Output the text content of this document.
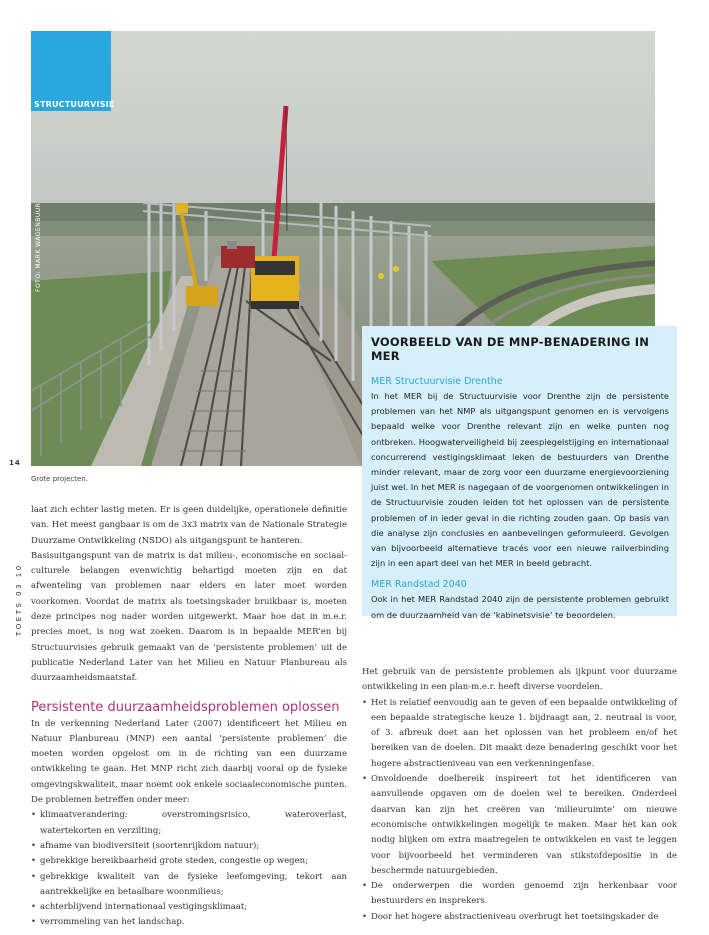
STRUCTUURVISIE
FOTO: MARK WAGENBUUR
14
Grote projecten.
TOETS 03 10
VOORBEELD VAN DE MNP-BENADERING IN MER
MER Structuurvisie Drenthe

In het MER bij de Structuurvisie voor Drenthe zijn de persistente problemen van het NMP als uitgangspunt genomen en is vervolgens bepaald welke voor Drenthe relevant zijn en welke punten nog ontbreken. Hoogwaterveiligheid bij zeespiegelstijging en internationaal concurrerend vestigingsklimaat leken de bestuurders van Drenthe minder relevant, maar de zorg voor een duurzame energievoorziening juist wel. In het MER is nagegaan of de voorgenomen ontwikkelingen in de Structuurvisie zouden leiden tot het oplossen van de persistente problemen of in ieder geval in die richting zouden gaan. Op basis van die analyse zijn conclusies en aanbevelingen geformuleerd. Gevolgen van bijvoorbeeld alternatieve tracés voor een nieuwe railverbinding zijn in een apart deel van het MER in beeld gebracht.

MER Randstad 2040

Ook in het MER Randstad 2040 zijn de persistente problemen gebruikt om de duurzaamheid van de ‘kabinetsvisie’ te beoordelen.

laat zich echter lastig meten. Er is geen duidelijke, operationele definitie van. Het meest gangbaar is om de 3x3 matrix van de Nationale Strategie Duurzame Ontwikkeling (NSDO) als uitgangspunt te hanteren.

Basisuitgangspunt van de matrix is dat milieu-, economische en sociaal-culturele belangen evenwichtig behartigd moeten zijn en dat afwenteling van problemen naar elders en later moet worden voorkomen. Voordat de matrix als toetsingskader bruikbaar is, moeten deze principes nog nader worden uitgewerkt. Maar hoe dat in m.e.r. precies moet, is nog wat zoeken. Daarom is in bepaalde MER’en bij Structuurvisies gebruik gemaakt van de ‘persistente problemen’ uit de publicatie Nederland Later van het Milieu en Natuur Planbureau als duurzaamheidsmaatstaf.

Persistente duurzaamheidsproblemen oplossen

In de verkenning Nederland Later (2007) identificeert het Milieu en Natuur Planbureau (MNP) een aantal ‘persistente problemen’ die moeten worden opgelost om in de richting van een duurzame ontwikkeling te gaan. Het MNP richt zich daarbij vooral op de fysieke omgevingskwaliteit, maar noemt ook enkele sociaaleconomische punten. De problemen betreffen onder meer:

• klimaatverandering: overstromingsrisico, wateroverlast, watertekorten en verzilting;
• afname van biodiversiteit (soortenrijkdom natuur);
• gebrekkige bereikbaarheid grote steden, congestie op wegen;
• gebrekkige kwaliteit van de fysieke leefomgeving, tekort aan aantrekkelijke en betaalbare woonmilieus;
• achterblijvend internationaal vestigingsklimaat;
• verrommeling van het landschap.

Het gebruik van de persistente problemen als ijkpunt voor duurzame ontwikkeling in een plan-m.e.r. heeft diverse voordelen.

• Het is relatief eenvoudig aan te geven of een bepaalde ontwikkeling of een bepaalde strategische keuze 1. bijdraagt aan, 2. neutraal is voor, of 3. afbreuk doet aan het oplossen van het probleem en/of het bereiken van de doelen. Dit maakt deze benadering geschikt voor het hogere abstractieniveau van een verkenningenfase.
• Onvoldoende doelbereik inspireert tot het identificeren van aanvullende opgaven om de doelen wel te bereiken. Onderdeel daarvan kan zijn het creëren van ‘milieuruimte’ om nieuwe economische ontwikkelingen mogelijk te maken. Maar het kan ook nodig blijken om extra maatregelen te ontwikkelen en vast te leggen voor bijvoorbeeld het verminderen van stikstofdepositie in de beschermde natuurgebieden.
• De onderwerpen die worden genoemd zijn herkenbaar voor bestuurders en insprekers.
• Door het hogere abstractieniveau overbrugt het toetsingskader de
